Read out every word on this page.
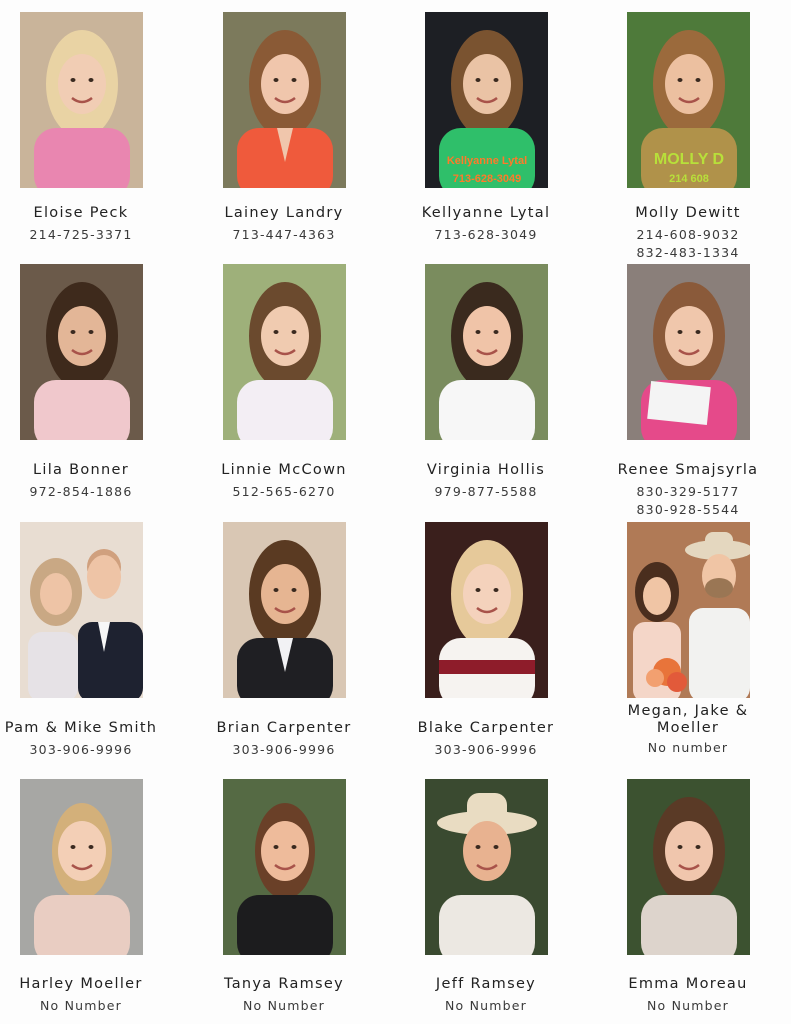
Eloise Peck
214-725-3371
Lainey Landry
713-447-4363
Kellyanne Lytal
713-628-3049
Kellyanne Lytal
713-628-3049
MOLLY D
214 608
Molly Dewitt
214-608-9032
832-483-1334
Lila Bonner
972-854-1886
Linnie McCown
512-565-6270
Virginia Hollis
979-877-5588
Renee Smajsyrla
830-329-5177
830-928-5544
Pam & Mike Smith
303-906-9996
Brian Carpenter
303-906-9996
Blake Carpenter
303-906-9996
Megan, Jake & Moeller
No number
Harley Moeller
No Number
Tanya Ramsey
No Number
Jeff Ramsey
No Number
Emma Moreau
No Number
